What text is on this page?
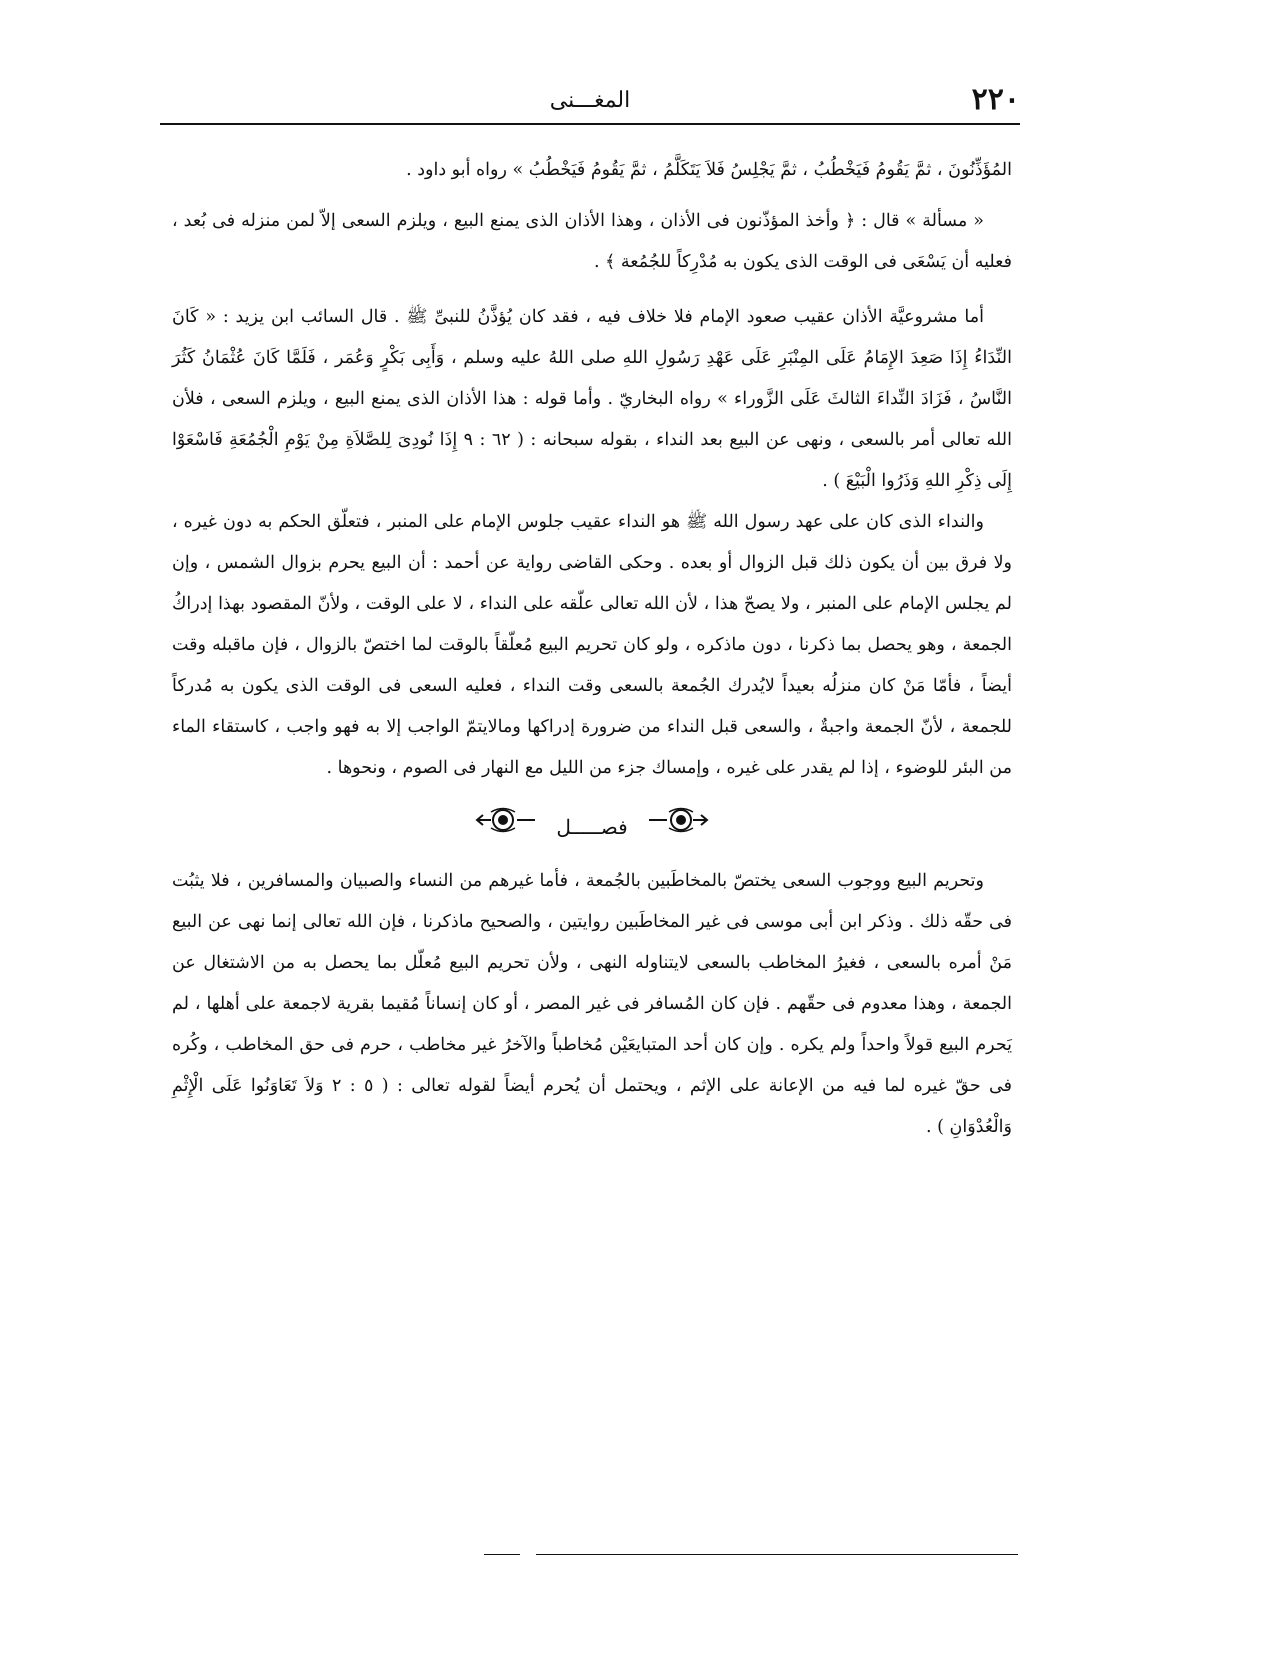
٢٢٠
المغـــنى

المُؤَذِّنُونَ ، ثمَّ يَقُومُ فَيَخْطُبُ ، ثمَّ يَجْلِسُ فَلاَ يَتَكَلَّمُ ، ثمَّ يَقُومُ فَيَخْطُبُ » رواه أبو داود .

« مسألة » قال : ﴿ وأخذ المؤذّنون فى الأذان ، وهذا الأذان الذى يمنع البيع ، ويلزم السعى إلاّ لمن منزله فى بُعد ، فعليه أن يَسْعَى فى الوقت الذى يكون به مُدْرِكاً للجُمُعة ﴾ .

أما مشروعيَّة الأذان عقيب صعود الإمام فلا خلاف فيه ، فقد كان يُؤذَّنُ للنبىِّ ﷺ . قال السائب ابن يزيد : « كَانَ النِّدَاءُ إِذَا صَعِدَ الإِمَامُ عَلَى المِنْبَرِ عَلَى عَهْدِ رَسُولِ اللهِ صلى اللهُ عليه وسلم ، وَأَبِى بَكْرٍ وَعُمَر ، فَلَمَّا كَانَ عُثْمَانُ كَثُرَ النَّاسُ ، فَزَادَ النِّداءَ الثالثَ عَلَى الزَّوراء » رواه البخاريّ . وأما قوله : هذا الأذان الذى يمنع البيع ، ويلزم السعى ، فلأن الله تعالى أمر بالسعى ، ونهى عن البيع بعد النداء ، بقوله سبحانه : ( ٦٢ : ٩ إِذَا نُودِىَ لِلصَّلاَةِ مِنْ يَوْمِ الْجُمُعَةِ فَاسْعَوْا إِلَى ذِكْرِ اللهِ وَذَرُوا الْبَيْعَ ) .

والنداء الذى كان على عهد رسول الله ﷺ هو النداء عقيب جلوس الإمام على المنبر ، فتعلّق الحكم به دون غيره ، ولا فرق بين أن يكون ذلك قبل الزوال أو بعده . وحكى القاضى رواية عن أحمد : أن البيع يحرم بزوال الشمس ، وإن لم يجلس الإمام على المنبر ، ولا يصحّ هذا ، لأن الله تعالى علّقه على النداء ، لا على الوقت ، ولأنّ المقصود بهذا إدراكُ الجمعة ، وهو يحصل بما ذكرنا ، دون ماذكره ، ولو كان تحريم البيع مُعلّقاً بالوقت لما اختصّ بالزوال ، فإن ماقبله وقت أيضاً ، فأمّا مَنْ كان منزلُه بعيداً لايُدرك الجُمعة بالسعى وقت النداء ، فعليه السعى فى الوقت الذى يكون به مُدركاً للجمعة ، لأنّ الجمعة واجبةٌ ، والسعى قبل النداء من ضرورة إدراكها ومالايتمّ الواجب إلا به فهو واجب ، كاستقاء الماء من البئر للوضوء ، إذا لم يقدر على غيره ، وإمساك جزء من الليل مع النهار فى الصوم ، ونحوها .

فصـــــل

وتحريم البيع ووجوب السعى يختصّ بالمخاطَبين بالجُمعة ، فأما غيرهم من النساء والصبيان والمسافرين ، فلا يثبُت فى حقّه ذلك . وذكر ابن أبى موسى فى غير المخاطَبين روايتين ، والصحيح ماذكرنا ، فإن الله تعالى إنما نهى عن البيع مَنْ أمره بالسعى ، فغيرُ المخاطب بالسعى لايتناوله النهى ، ولأن تحريم البيع مُعلّل بما يحصل به من الاشتغال عن الجمعة ، وهذا معدوم فى حقّهم . فإن كان المُسافر فى غير المصر ، أو كان إنساناً مُقيما بقرية لاجمعة على أهلها ، لم يَحرم البيع قولاً واحداً ولم يكره . وإن كان أحد المتبايعَيْن مُخاطباً والآخرُ غير مخاطب ، حرم فى حق المخاطب ، وكُره فى حقّ غيره لما فيه من الإعانة على الإثم ، ويحتمل أن يُحرم أيضاً لقوله تعالى : ( ٥ : ٢ وَلاَ تَعَاوَنُوا عَلَى الْإِثْمِ وَالْعُدْوَانِ ) .
